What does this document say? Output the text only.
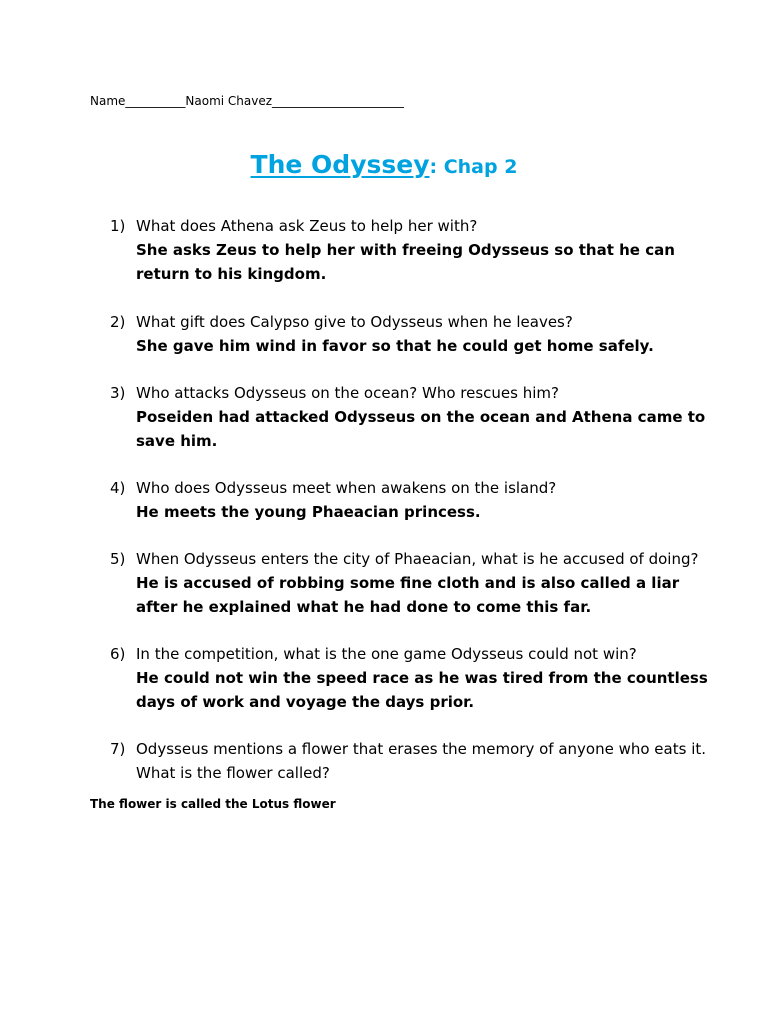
Name__________Naomi Chavez______________________
The Odyssey: Chap 2
1) What does Athena ask Zeus to help her with?
She asks Zeus to help her with freeing Odysseus so that he can return to his kingdom.
2) What gift does Calypso give to Odysseus when he leaves?
She gave him wind in favor so that he could get home safely.
3) Who attacks Odysseus on the ocean? Who rescues him?
Poseiden had attacked Odysseus on the ocean and Athena came to save him.
4) Who does Odysseus meet when awakens on the island?
He meets the young Phaeacian princess.
5) When Odysseus enters the city of Phaeacian, what is he accused of doing?
He is accused of robbing some fine cloth and is also called a liar after he explained what he had done to come this far.
6) In the competition, what is the one game Odysseus could not win?
He could not win the speed race as he was tired from the countless days of work and voyage the days prior.
7) Odysseus mentions a flower that erases the memory of anyone who eats it. What is the flower called?
The flower is called the Lotus flower
